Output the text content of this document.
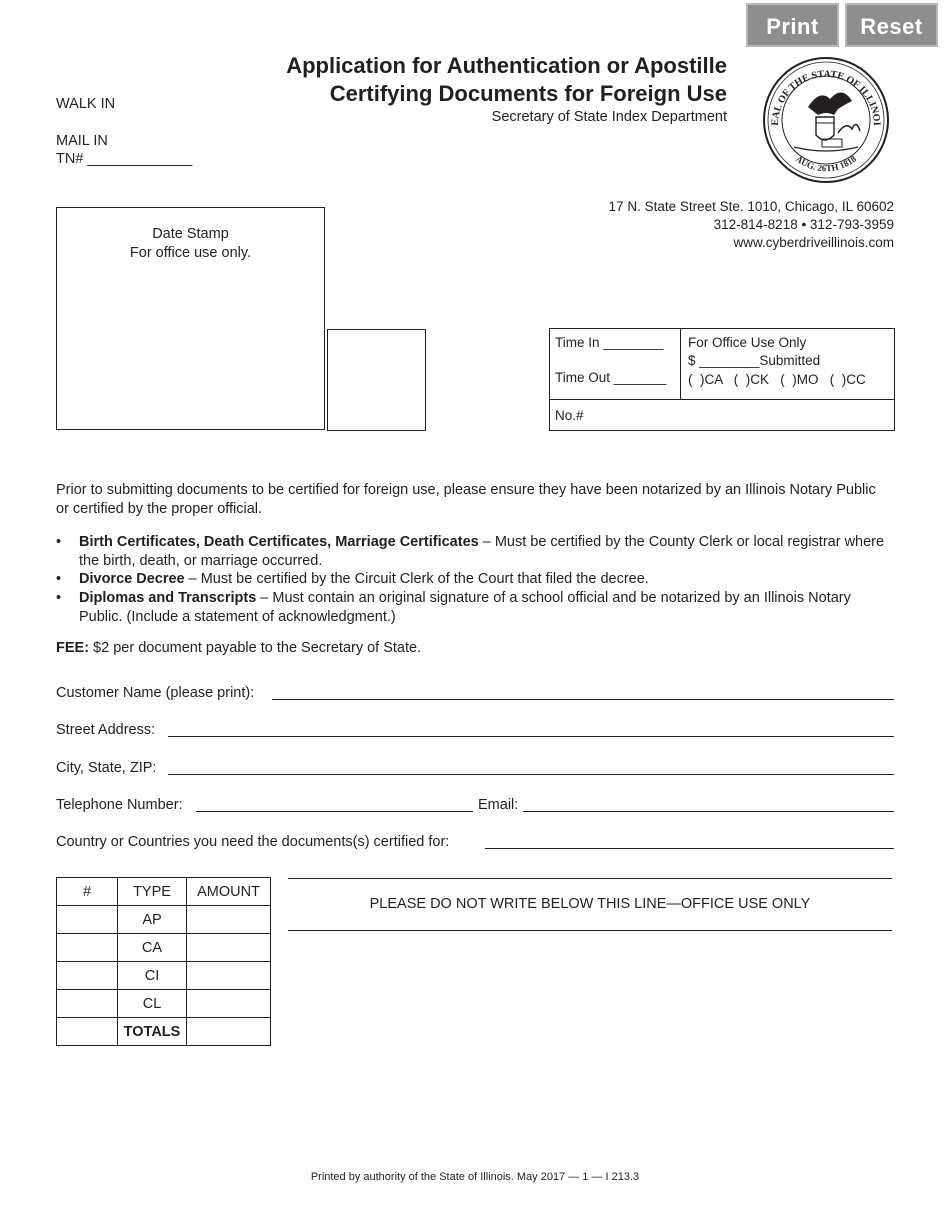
Print	Reset
Application for Authentication or Apostille
Certifying Documents for Foreign Use
Secretary of State Index Department	EAL OF THE STATE OF ILLINOI
AUG. 26TH 1818
WALK IN
MAIL IN
TN# _____________
17 N. State Street Ste. 1010, Chicago, IL 60602
312-814-8218 • 312-793-3959
www.cyberdriveillinois.com
Date Stamp
For office use only.
Time In ________
Time Out _______
For Office Use Only
$ ________Submitted
(  )CA   (  )CK   (  )MO   (  )CC
No.#
Prior to submitting documents to be certified for foreign use, please ensure they have been notarized by an Illinois Notary Public or certified by the proper official.
• Birth Certificates, Death Certificates, Marriage Certificates – Must be certified by the County Clerk or local registrar where the birth, death, or marriage occurred.
• Divorce Decree – Must be certified by the Circuit Clerk of the Court that filed the decree.
• Diplomas and Transcripts – Must contain an original signature of a school official and be notarized by an Illinois Notary Public. (Include a statement of acknowledgment.)
FEE: $2 per document payable to the Secretary of State.
Customer Name (please print):
Street Address:
City, State, ZIP:
Telephone Number:	Email:
Country or Countries you need the documents(s) certified for:
#	TYPE	AMOUNT
	AP	
	CA	
	CI	
	CL	
	TOTALS	
PLEASE DO NOT WRITE BELOW THIS LINE—OFFICE USE ONLY
Printed by authority of the State of Illinois. May 2017 — 1 — I 213.3
